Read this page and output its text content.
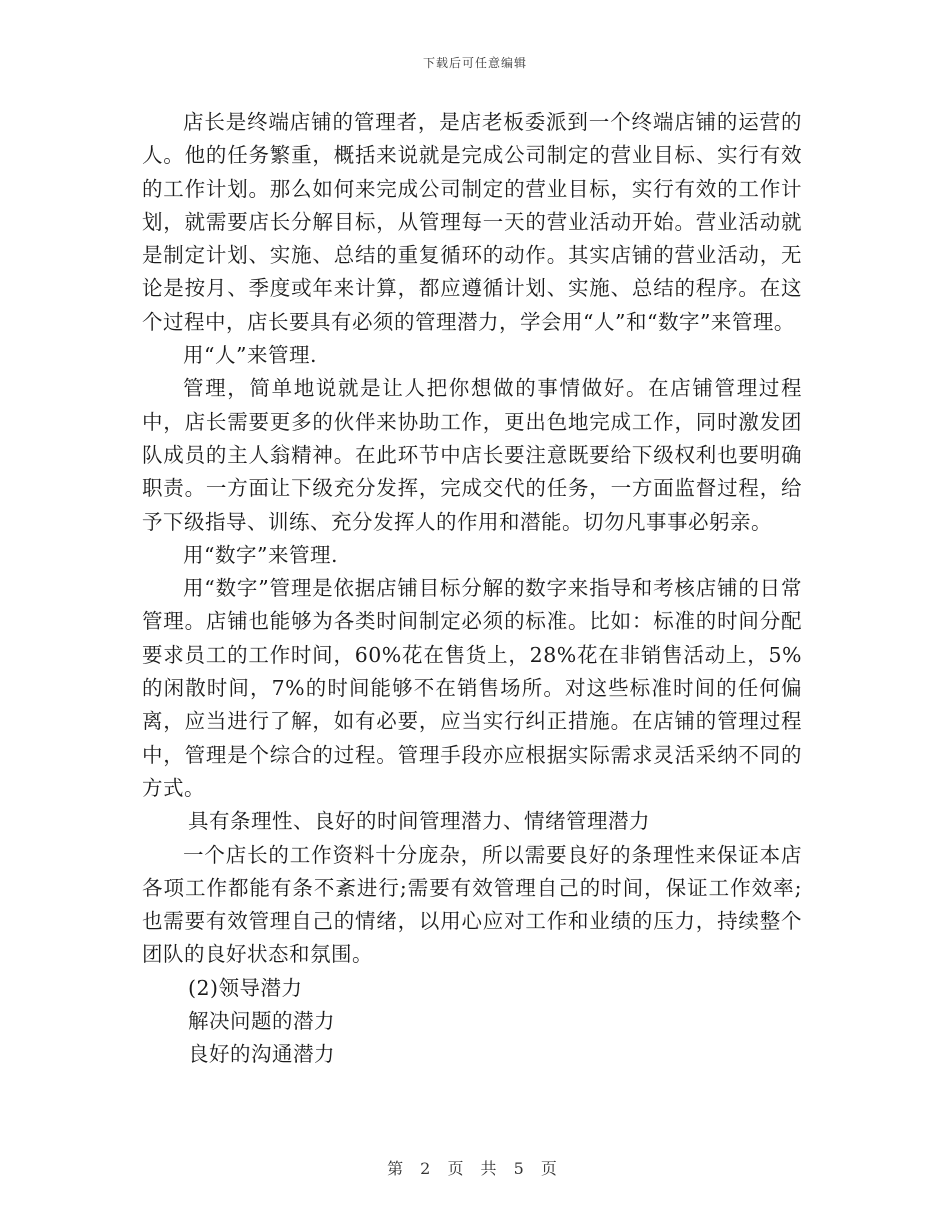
下载后可任意编辑

店长是终端店铺的管理者，是店老板委派到一个终端店铺的运营的人。他的任务繁重，概括来说就是完成公司制定的营业目标、实行有效的工作计划。那么如何来完成公司制定的营业目标，实行有效的工作计划，就需要店长分解目标，从管理每一天的营业活动开始。营业活动就是制定计划、实施、总结的重复循环的动作。其实店铺的营业活动，无论是按月、季度或年来计算，都应遵循计划、实施、总结的程序。在这个过程中，店长要具有必须的管理潜力，学会用“人”和“数字”来管理。

用“人”来管理.

管理，简单地说就是让人把你想做的事情做好。在店铺管理过程中，店长需要更多的伙伴来协助工作，更出色地完成工作，同时激发团队成员的主人翁精神。在此环节中店长要注意既要给下级权利也要明确职责。一方面让下级充分发挥，完成交代的任务，一方面监督过程，给予下级指导、训练、充分发挥人的作用和潜能。切勿凡事事必躬亲。

用“数字”来管理.

用“数字”管理是依据店铺目标分解的数字来指导和考核店铺的日常管理。店铺也能够为各类时间制定必须的标准。比如：标准的时间分配要求员工的工作时间，60%花在售货上，28%花在非销售活动上，5%的闲散时间，7%的时间能够不在销售场所。对这些标准时间的任何偏离，应当进行了解，如有必要，应当实行纠正措施。在店铺的管理过程中，管理是个综合的过程。管理手段亦应根据实际需求灵活采纳不同的方式。

具有条理性、良好的时间管理潜力、情绪管理潜力

一个店长的工作资料十分庞杂，所以需要良好的条理性来保证本店各项工作都能有条不紊进行;需要有效管理自己的时间，保证工作效率;也需要有效管理自己的情绪，以用心应对工作和业绩的压力，持续整个团队的良好状态和氛围。

(2)领导潜力

解决问题的潜力

良好的沟通潜力

第 2 页 共 5 页
